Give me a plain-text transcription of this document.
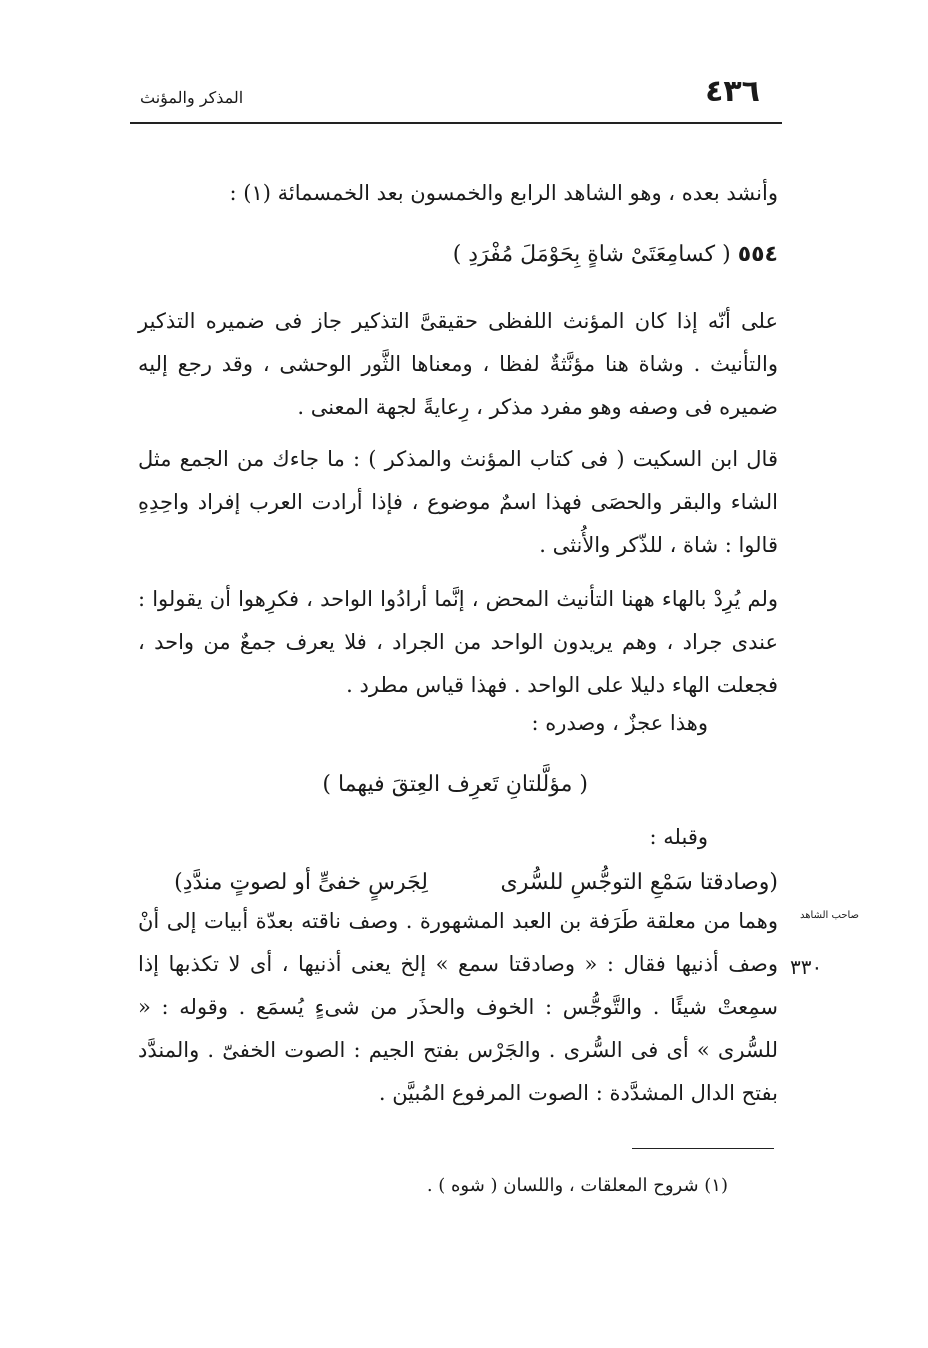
٤٣٦
المذكر والمؤنث
وأنشد بعده ، وهو الشاهد الرابع والخمسون بعد الخمسمائة (١) :
٥٥٤ ( كسامِعَتَىْ شاةٍ بِحَوْمَلَ مُفْرَدِ )
على أنّه إذا كان المؤنث اللفظى حقيقىَّ التذكير جاز فى ضميره التذكير والتأنيث . وشاة هنا مؤنَّثةٌ لفظا ، ومعناها الثَّور الوحشى ، وقد رجع إليه ضميره فى وصفه وهو مفرد مذكر ، رِعايةً لجهة المعنى .
قال ابن السكيت ( فى كتاب المؤنث والمذكر ) : ما جاءك من الجمع مثل الشاء والبقر والحصَى فهذا اسمٌ موضوع ، فإذا أرادت العرب إفراد واحِدِهِ قالوا : شاة ، للذّكر والأُنثى .
ولم يُرِدْ بالهاء ههنا التأنيث المحض ، إنَّما أرادُوا الواحد ، فكرِهوا أن يقولوا : عندى جراد ، وهم يريدون الواحد من الجراد ، فلا يعرف جمعٌ من واحد ، فجعلت الهاء دليلا على الواحد . فهذا قياس مطرد .
وهذا عجزٌ ، وصدره :
( مؤلَّلتانِ تَعرِف العِتقَ فيهما )
وقبله :
(وصادقتا سَمْعِ التوجُّسِ للسُّرى
لِجَرسٍ خفىٍّ أو لصوتٍ مندَّدِ)
صاحب الشاهد
٣٣٠
وهما من معلقة طَرَفة بن العبد المشهورة . وصف ناقته بعدّة أبيات إلى أنْ وصف أذنيها فقال : « وصادقتا سمع » إلخ يعنى أذنيها ، أى لا تكذبها إذا سمِعتْ شيئًا . والتَّوجُّس : الخوف والحذَر من شىءٍ يُسمَع . وقوله : « للسُّرى » أى فى السُّرى . والجَرْس بفتح الجيم : الصوت الخفىّ . والمندَّد بفتح الدال المشدَّدة : الصوت المرفوع المُبيَّن .
(١) شروح المعلقات ، واللسان ( شوه ) .
